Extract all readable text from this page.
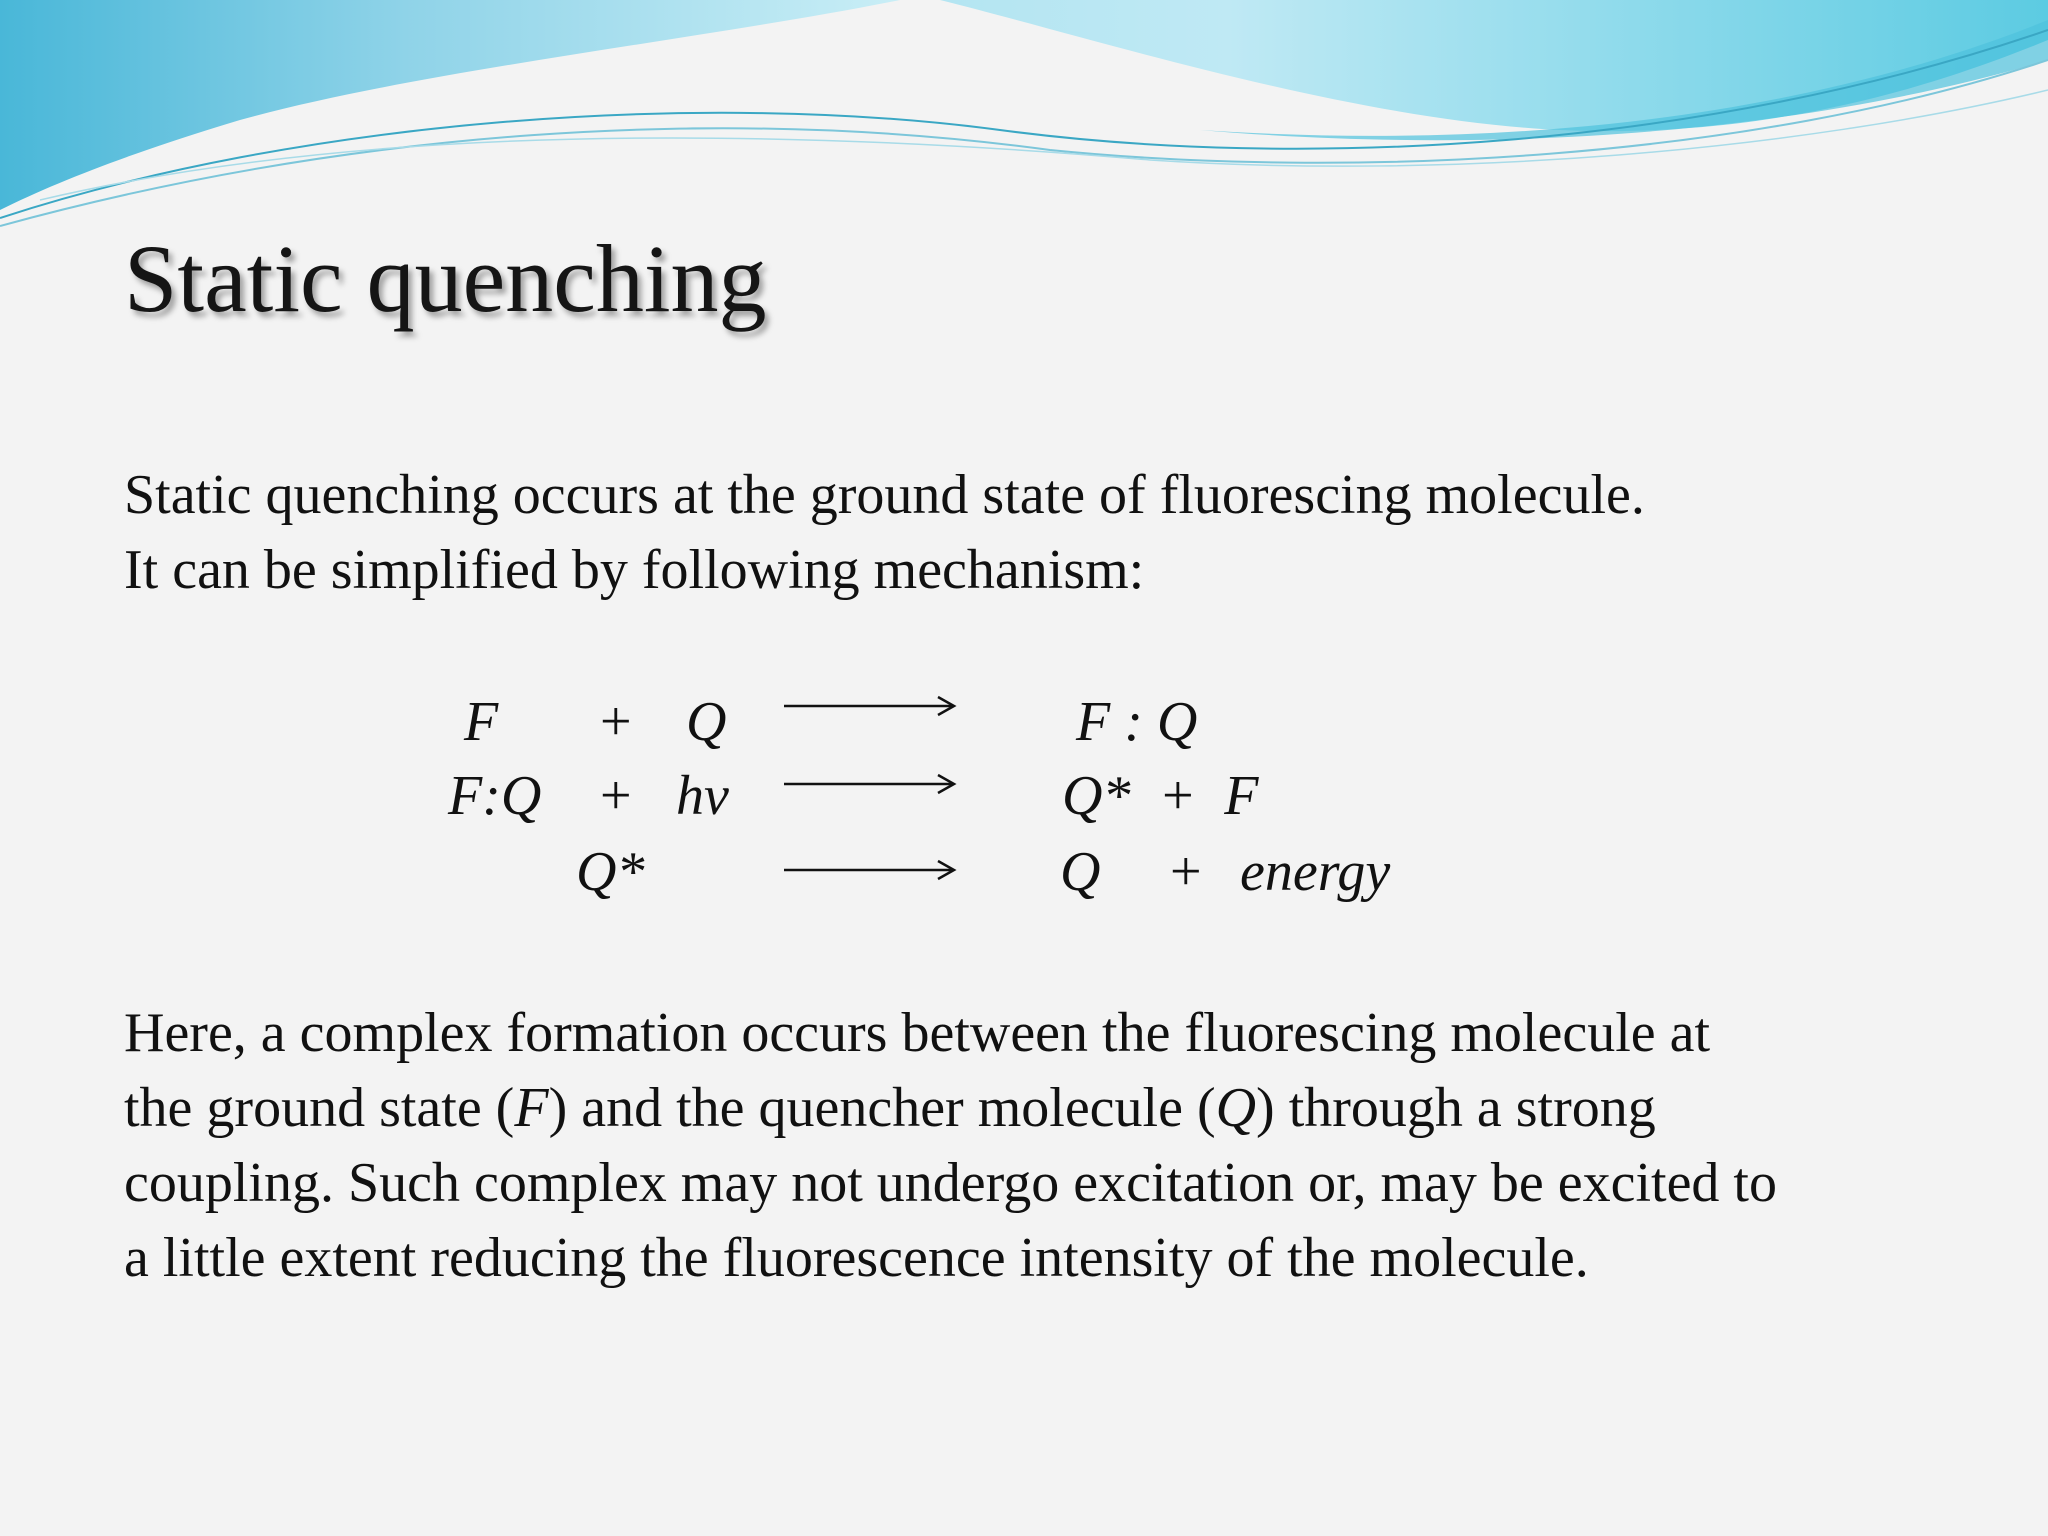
Static quenching
Static quenching occurs at the ground state of fluorescing molecule.
It can be simplified by following mechanism:
F + Q	F : Q
F:Q + hv	Q*  +  F
Q*	Q + energy
Here, a complex formation occurs between the fluorescing molecule at
the ground state (F) and the quencher molecule (Q) through a strong
coupling. Such complex may not undergo excitation or, may be excited to
a little extent reducing the fluorescence intensity of the molecule.
